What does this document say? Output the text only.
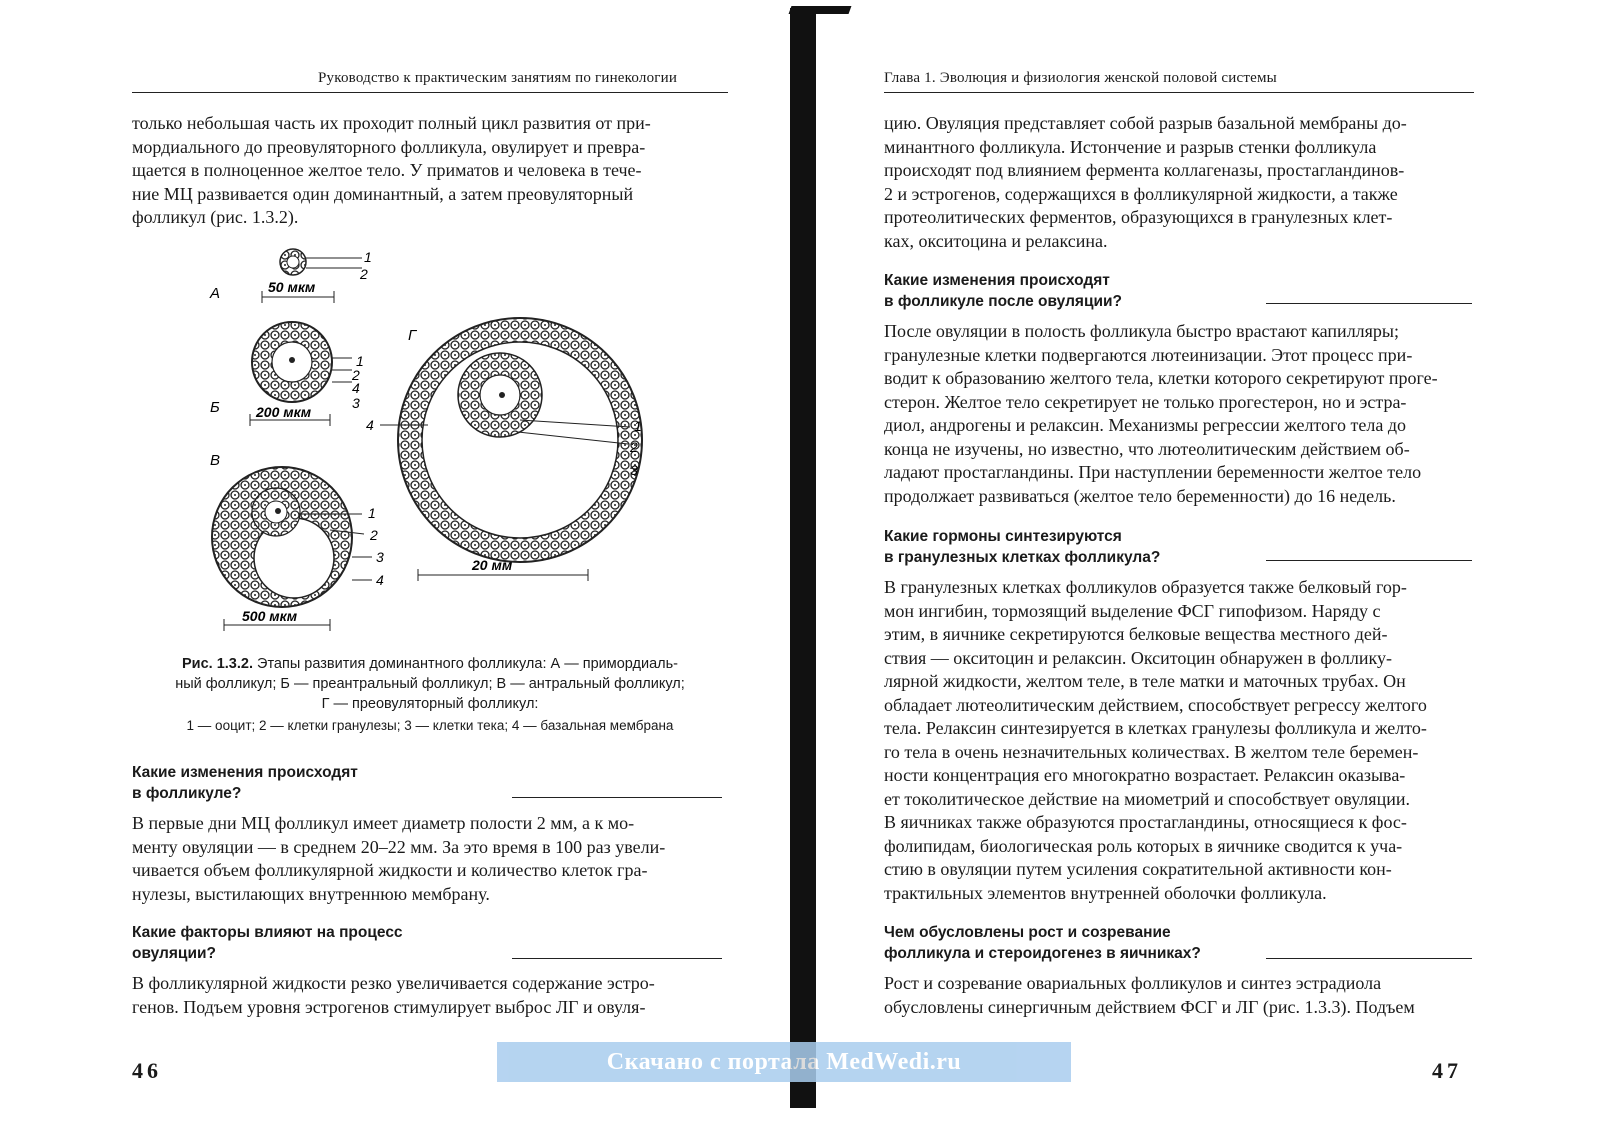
Руководство к практическим занятиям по гинекологии
только небольшая часть их проходит полный цикл развития от при-
мордиального до преовуляторного фолликула, овулирует и превра-
щается в полноценное желтое тело. У приматов и человека в тече-
ние МЦ развивается один доминантный, а затем преовуляторный
фолликул (рис. 1.3.2).
А	50 мкм
1
2
Б	200 мкм
1
2
4
3
В
500 мкм
1
2
3
4
Г
20 мм
1
2
3
4
Рис. 1.3.2. Этапы развития доминантного фолликула: А — примордиаль-
ный фолликул; Б — преантральный фолликул; В — антральный фолликул;
Г — преовуляторный фолликул:
1 — ооцит; 2 — клетки гранулезы; 3 — клетки тека; 4 — базальная мембрана
Какие изменения происходят
в фолликуле?
В первые дни МЦ фолликул имеет диаметр полости 2 мм, а к мо-
менту овуляции — в среднем 20–22 мм. За это время в 100 раз увели-
чивается объем фолликулярной жидкости и количество клеток гра-
нулезы, выстилающих внутреннюю мембрану.
Какие факторы влияют на процесс
овуляции?
В фолликулярной жидкости резко увеличивается содержание эстро-
генов. Подъем уровня эстрогенов стимулирует выброс ЛГ и овуля-
46
Глава 1. Эволюция и физиология женской половой системы
цию. Овуляция представляет собой разрыв базальной мембраны до-
минантного фолликула. Истончение и разрыв стенки фолликула
происходят под влиянием фермента коллагеназы, простагландинов-
2 и эстрогенов, содержащихся в фолликулярной жидкости, а также
протеолитических ферментов, образующихся в гранулезных клет-
ках, окситоцина и релаксина.
Какие изменения происходят
в фолликуле после овуляции?
После овуляции в полость фолликула быстро врастают капилляры;
гранулезные клетки подвергаются лютеинизации. Этот процесс при-
водит к образованию желтого тела, клетки которого секретируют проге-
стерон. Желтое тело секретирует не только прогестерон, но и эстра-
диол, андрогены и релаксин. Механизмы регрессии желтого тела до
конца не изучены, но известно, что лютеолитическим действием об-
ладают простагландины. При наступлении беременности желтое тело
продолжает развиваться (желтое тело беременности) до 16 недель.
Какие гормоны синтезируются
в гранулезных клетках фолликула?
В гранулезных клетках фолликулов образуется также белковый гор-
мон ингибин, тормозящий выделение ФСГ гипофизом. Наряду с
этим, в яичнике секретируются белковые вещества местного дей-
ствия — окситоцин и релаксин. Окситоцин обнаружен в фоллику-
лярной жидкости, желтом теле, в теле матки и маточных трубах. Он
обладает лютеолитическим действием, способствует регрессу желтого
тела. Релаксин синтезируется в клетках гранулезы фолликула и желто-
го тела в очень незначительных количествах. В желтом теле беремен-
ности концентрация его многократно возрастает. Релаксин оказыва-
ет токолитическое действие на миометрий и способствует овуляции.
В яичниках также образуются простагландины, относящиеся к фос-
фолипидам, биологическая роль которых в яичнике сводится к уча-
стию в овуляции путем усиления сократительной активности кон-
трактильных элементов внутренней оболочки фолликула.
Чем обусловлены рост и созревание
фолликула и стероидогенез в яичниках?
Рост и созревание овариальных фолликулов и синтез эстрадиола
обусловлены синергичным действием ФСГ и ЛГ (рис. 1.3.3). Подъем
47
Скачано с портала MedWedi.ru
